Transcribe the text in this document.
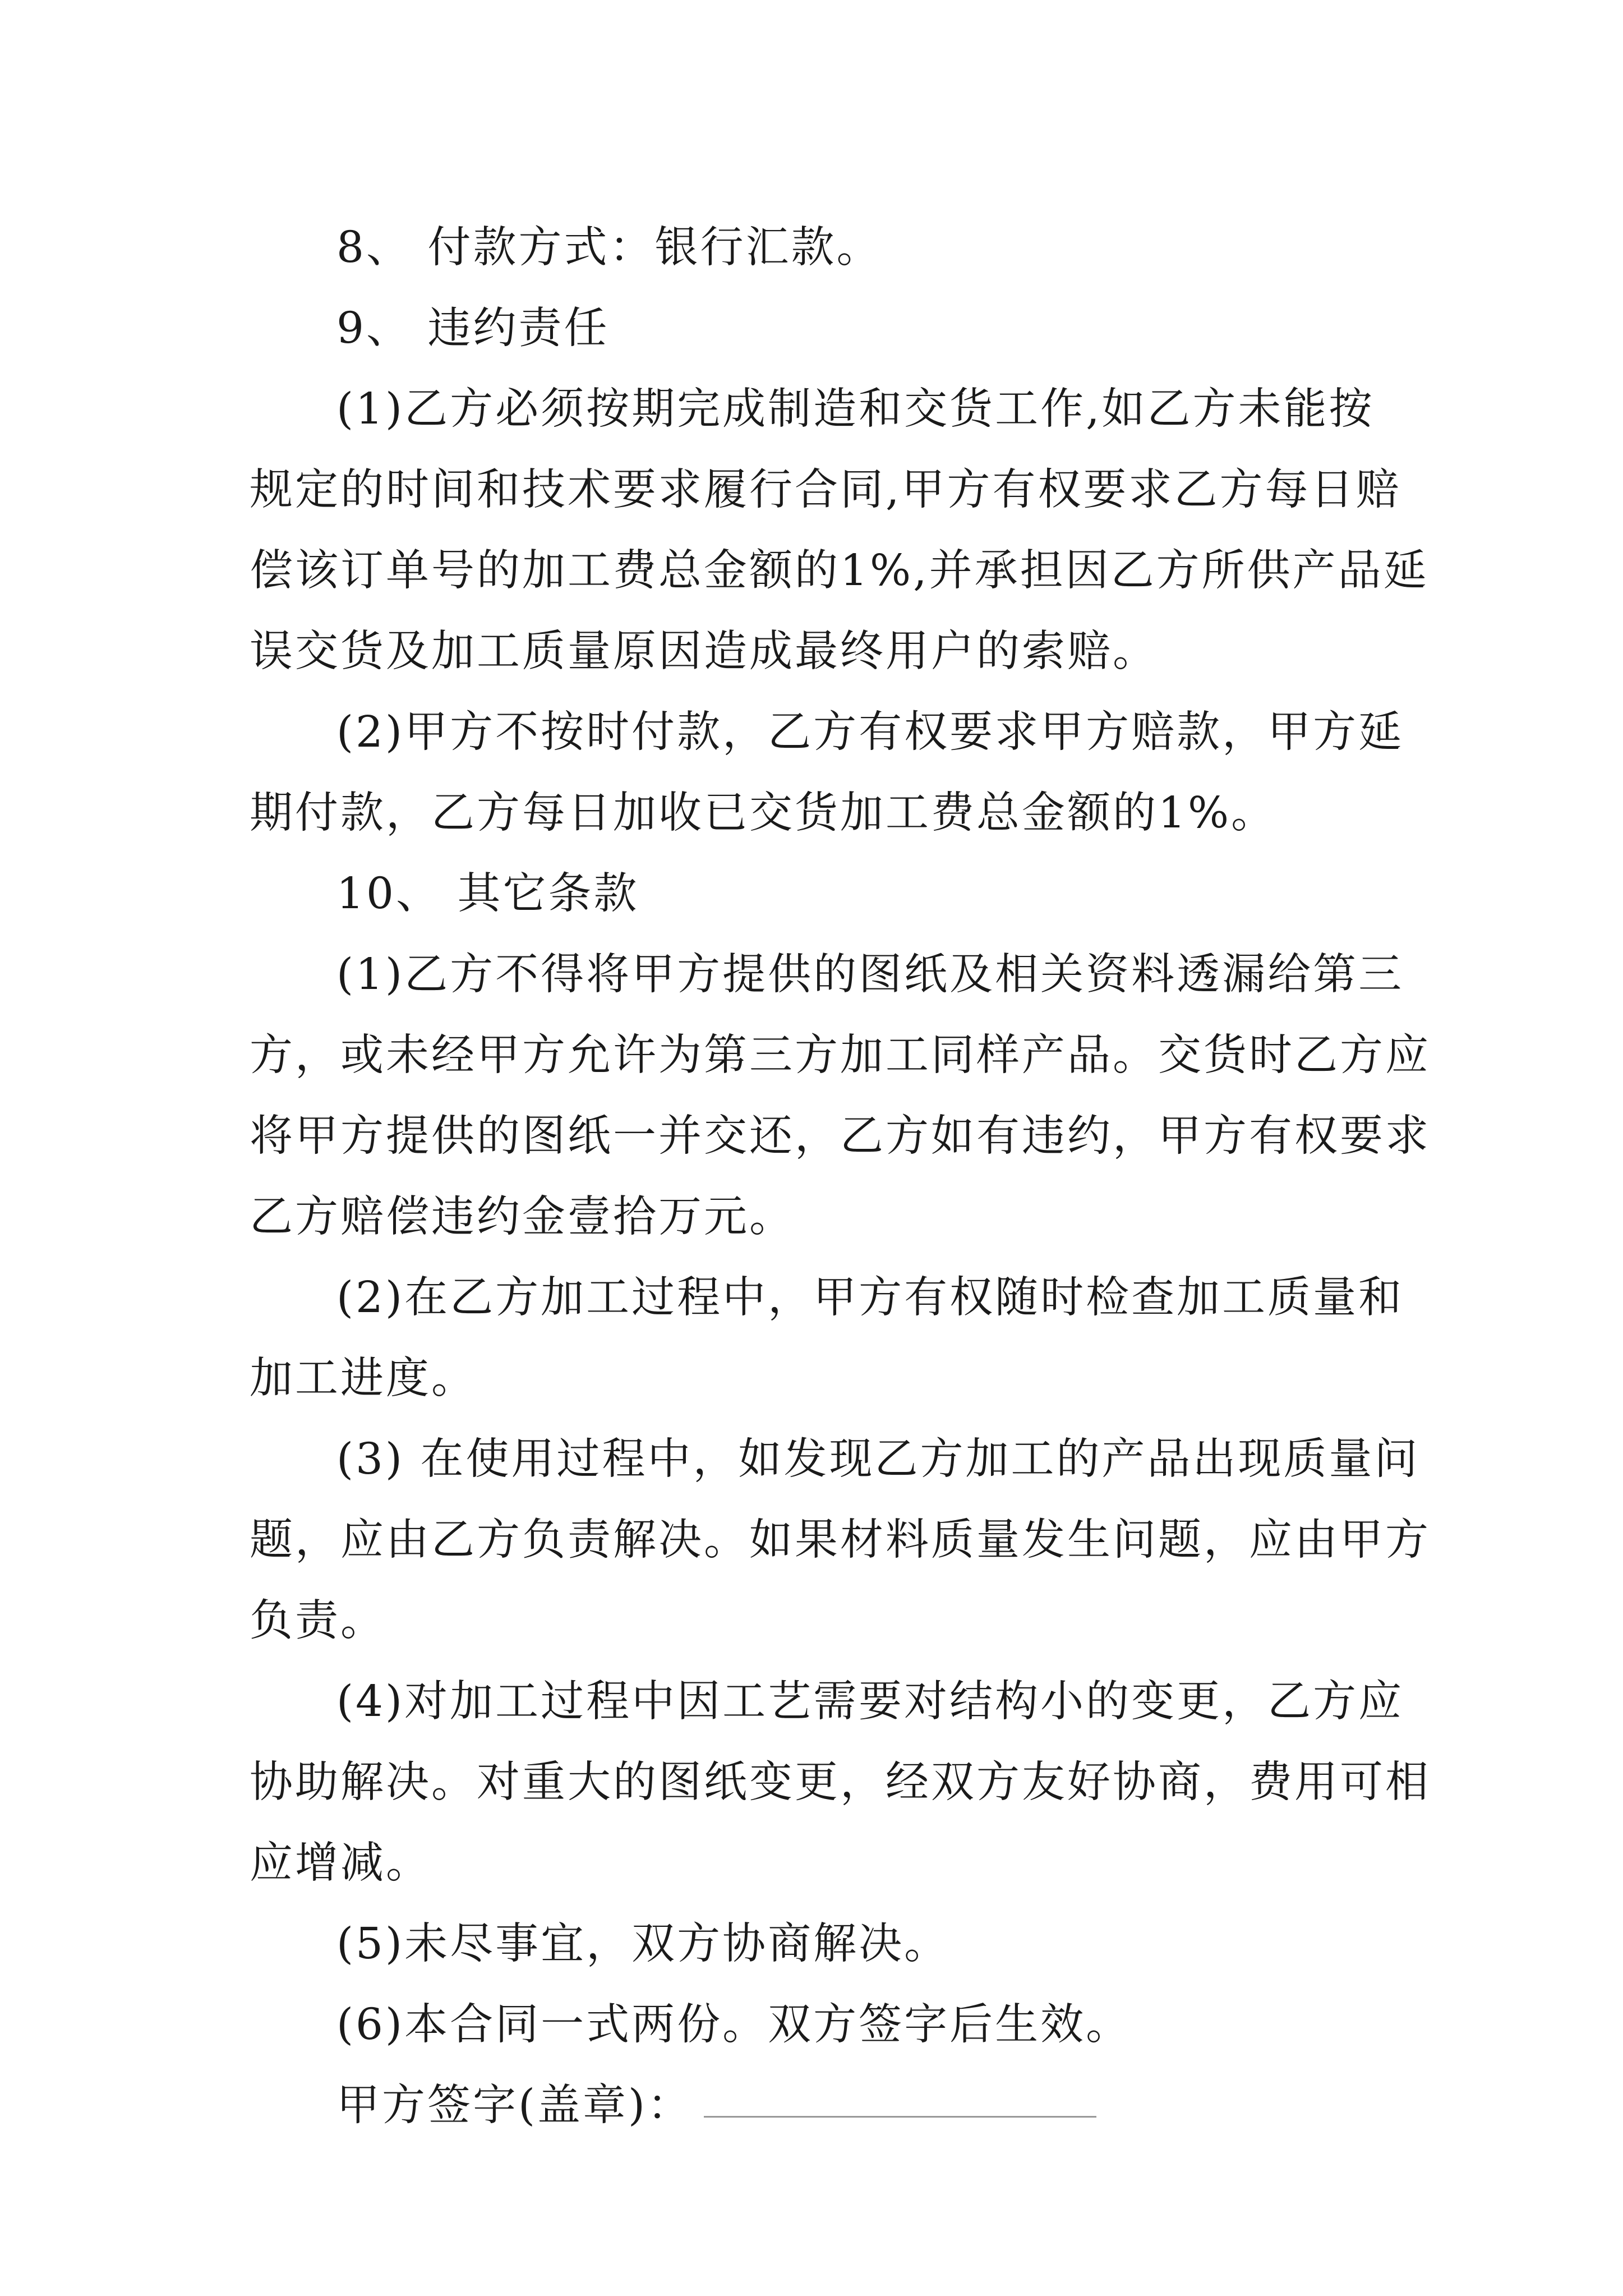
8、 付款方式：银行汇款。
9、 违约责任
(1)乙方必须按期完成制造和交货工作,如乙方未能按
规定的时间和技术要求履行合同,甲方有权要求乙方每日赔
偿该订单号的加工费总金额的1%,并承担因乙方所供产品延
误交货及加工质量原因造成最终用户的索赔。
(2)甲方不按时付款，乙方有权要求甲方赔款，甲方延
期付款，乙方每日加收已交货加工费总金额的1%。
10、 其它条款
(1)乙方不得将甲方提供的图纸及相关资料透漏给第三
方，或未经甲方允许为第三方加工同样产品。交货时乙方应
将甲方提供的图纸一并交还，乙方如有违约，甲方有权要求
乙方赔偿违约金壹拾万元。
(2)在乙方加工过程中，甲方有权随时检查加工质量和
加工进度。
(3) 在使用过程中，如发现乙方加工的产品出现质量问
题，应由乙方负责解决。如果材料质量发生问题，应由甲方
负责。
(4)对加工过程中因工艺需要对结构小的变更，乙方应
协助解决。对重大的图纸变更，经双方友好协商，费用可相
应增减。
(5)未尽事宜，双方协商解决。
(6)本合同一式两份。双方签字后生效。
甲方签字(盖章)：
